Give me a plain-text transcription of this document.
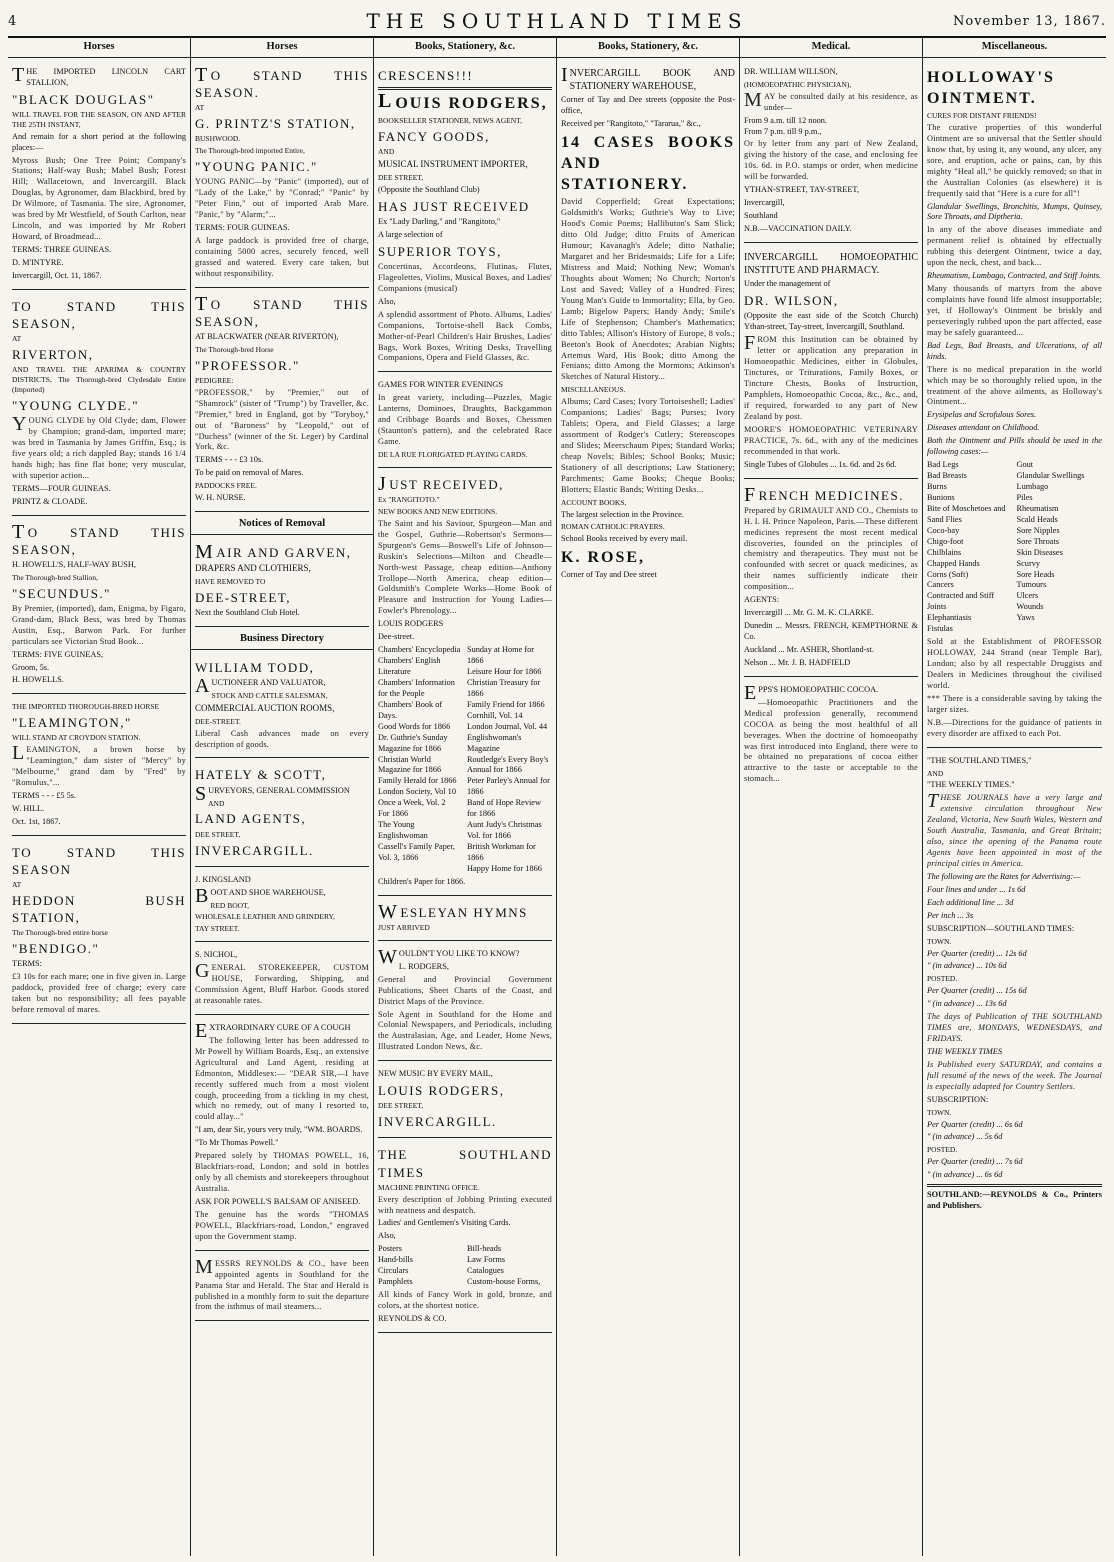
4	THE SOUTHLAND TIMES	November 13, 1867.
Horses

THE IMPORTED LINCOLN CART STALLION,

"BLACK DOUGLAS"

WILL TRAVEL FOR THE SEASON, ON AND AFTER THE 25TH INSTANT,

And remain for a short period at the following places:—

Myross Bush; One Tree Point; Company's Stations; Half-way Bush; Mabel Bush; Forest Hill; Wallacetown, and Invercargill. Black Douglas, by Agronomer, dam Blackbird, bred by Dr Wilmore, of Tasmania. The sire, Agronomer, was bred by Mr Westfield, of South Carlton, near Lincoln, and was imported by Mr Robert Howard, of Broadmead...

TERMS: THREE GUINEAS.

D. M'INTYRE.

Invercargill, Oct. 11, 1867.

TO STAND THIS SEASON,

AT

RIVERTON,

AND TRAVEL THE APARIMA & COUNTRY DISTRICTS, The Thorough-bred Clydesdale Entire (Imported)

"YOUNG CLYDE."

YOUNG CLYDE by Old Clyde; dam, Flower by Champion; grand-dam, imported mare; was bred in Tasmania by James Griffin, Esq.; is five years old; a rich dappled Bay; stands 16 1/4 hands high; has fine flat bone; very muscular, with superior action...

TERMS—FOUR GUINEAS.

PRINTZ & CLOADE.

TO STAND THIS SEASON,

H. HOWELL'S, HALF-WAY BUSH,

The Thorough-bred Stallion,

"SECUNDUS."

By Premier, (imported), dam, Enigma, by Figaro, Grand-dam, Black Bess, was bred by Thomas Austin, Esq., Barwon Park. For further particulars see Victorian Stud Book...

TERMS: FIVE GUINEAS,

Groom, 5s.

H. HOWELLS.

THE IMPORTED THOROUGH-BRED HORSE

"LEAMINGTON,"

WILL STAND AT CROYDON STATION.

LEAMINGTON, a brown horse by "Leamington," dam sister of "Mercy" by "Melbourne," grand dam by "Fred" by "Romulus,"...

TERMS - - - £5 5s.

W. HILL.

Oct. 1st, 1867.

TO STAND THIS SEASON

AT

HEDDON BUSH STATION,

The Thorough-bred entire horse

"BENDIGO."

TERMS:

£3 10s for each mare; one in five given in. Large paddock, provided free of charge; every care taken but no responsibility; all fees payable before removal of mares.

Horses

TO STAND THIS SEASON.

AT

G. PRINTZ'S STATION,

BUSHWOOD.

The Thorough-bred imported Entire,

"YOUNG PANIC."

YOUNG PANIC—by "Panic" (imported), out of "Lady of the Lake," by "Conrad;" "Panic" by "Peter Finn," out of imported Arab Mare. "Panic," by "Alarm;"...

TERMS: FOUR GUINEAS.

A large paddock is provided free of charge, containing 5000 acres, securely fenced, well grassed and watered. Every care taken, but without responsibility.

TO STAND THIS SEASON,

AT BLACKWATER (NEAR RIVERTON),

The Thorough-bred Horse

"PROFESSOR."

PEDIGREE:

"PROFESSOR," by "Premier," out of "Shamrock" (sister of "Trump") by Traveller, &c. "Premier," bred in England, got by "Toryboy," out of "Baroness" by "Leopold," out of "Duchess" (winner of the St. Leger) by Cardinal York, &c.

TERMS - - - £3 10s.

To be paid on removal of Mares.

PADDOCKS FREE.

W. H. NURSE.

Notices of Removal

MAIR AND GARVEN,

DRAPERS AND CLOTHIERS,

HAVE REMOVED TO

DEE-STREET,

Next the Southland Club Hotel.

Business Directory

WILLIAM TODD,

AUCTIONEER AND VALUATOR,

STOCK AND CATTLE SALESMAN,

COMMERCIAL AUCTION ROOMS,

DEE-STREET.

Liberal Cash advances made on every description of goods.

HATELY & SCOTT,

SURVEYORS, GENERAL COMMISSION

AND

LAND AGENTS,

DEE STREET,

INVERCARGILL.

J. KINGSLAND

BOOT AND SHOE WAREHOUSE,

RED BOOT,

WHOLESALE LEATHER AND GRINDERY,

TAY STREET.

S. NICHOL,

GENERAL STOREKEEPER, CUSTOM HOUSE, Forwarding, Shipping, and Commission Agent, Bluff Harbor. Goods stored at reasonable rates.

EXTRAORDINARY CURE OF A COUGH

The following letter has been addressed to Mr Powell by William Boards, Esq., an extensive Agricultural and Land Agent, residing at Edmonton, Middlesex:— "DEAR SIR,—I have recently suffered much from a most violent cough, proceeding from a tickling in my chest, which no remedy, out of many I resorted to, could allay..."

"I am, dear Sir, yours very truly, "WM. BOARDS.

"To Mr Thomas Powell."

Prepared solely by THOMAS POWELL, 16, Blackfriars-road, London; and sold in bottles only by all chemists and storekeepers throughout Australia.

ASK FOR POWELL'S BALSAM OF ANISEED.

The genuine has the words "THOMAS POWELL, Blackfriars-road, London," engraved upon the Government stamp.

MESSRS REYNOLDS & CO., have been appointed agents in Southland for the Panama Star and Herald. The Star and Herald is published in a monthly form to suit the departure from the isthmus of mail steamers...

Books, Stationery, &c.

CRESCENS!!!

LOUIS RODGERS,

BOOKSELLER STATIONER, NEWS AGENT,

FANCY GOODS,

AND

MUSICAL INSTRUMENT IMPORTER,

DEE STREET,

(Opposite the Southland Club)

HAS JUST RECEIVED

Ex "Lady Darling," and "Rangitoto,"

A large selection of

SUPERIOR TOYS,

Concertinas, Accordeons, Flutinas, Flutes, Flageolettes, Violins, Musical Boxes, and Ladies' Companions (musical)

Also,

A splendid assortment of Photo. Albums, Ladies' Companions, Tortoise-shell Back Combs, Mother-of-Pearl Children's Hair Brushes, Ladies' Bags, Work Boxes, Writing Desks, Travelling Companions, Opera and Field Glasses, &c.

GAMES FOR WINTER EVENINGS

In great variety, including—Puzzles, Magic Lanterns, Dominoes, Draughts, Backgammon and Cribbage Boards and Boxes, Chessmen (Staunton's pattern), and the celebrated Race Game.

DE LA RUE FLORIGATED PLAYING CARDS.

JUST RECEIVED,

Ex "RANGITOTO."

NEW BOOKS AND NEW EDITIONS.

The Saint and his Saviour, Spurgeon—Man and the Gospel, Guthrie—Robertson's Sermons—Spurgeon's Gems—Boswell's Life of Johnson—Ruskin's Selections—Milton and Cheadle—North-west Passage, cheap edition—Anthony Trollope—North America, cheap edition—Goldsmith's Complete Works—Home Book of Pleasure and Instruction for Young Ladies—Fowler's Phrenology...

LOUIS RODGERS

Dee-street.

Chambers' Encyclopedia
Chambers' English Literature
Chambers' Information for the People
Chambers' Book of Days.
Good Words for 1866
Dr. Guthrie's Sunday Magazine for 1866
Christian World Magazine for 1866
Family Herald for 1866
London Society, Vol 10
Once a Week, Vol. 2
For 1866
The Young Englishwoman
Cassell's Family Paper, Vol. 3, 1866
Sunday at Home for 1866
Leisure Hour for 1866
Christian Treasury for 1866
Family Friend for 1866
Cornhill, Vol. 14
London Journal, Vol. 44
Englishwoman's Magazine
Routledge's Every Boy's Annual for 1866
Peter Parley's Annual for 1866
Band of Hope Review for 1866
Aunt Judy's Christmas Vol. for 1866
British Workman for 1866
Happy Home for 1866

Children's Paper for 1866.

WESLEYAN HYMNS

JUST ARRIVED

WOULDN'T YOU LIKE TO KNOW?

L. RODGERS,

General and Provincial Government Publications, Sheet Charts of the Coast, and District Maps of the Province.

Sole Agent in Southland for the Home and Colonial Newspapers, and Periodicals, including the Australasian, Age, and Leader, Home News, Illustrated London News, &c.

NEW MUSIC BY EVERY MAIL,

LOUIS RODGERS,

DEE STREET,

INVERCARGILL.

THE SOUTHLAND TIMES

MACHINE PRINTING OFFICE.

Every description of Jobbing Printing executed with neatness and despatch.

Ladies' and Gentlemen's Visiting Cards.

Also,

Posters
Hand-bills
Circulars
Pamphlets
Bill-heads
Law Forms
Catalogues
Custom-house Forms,

All kinds of Fancy Work in gold, bronze, and colors, at the shortest notice.

REYNOLDS & CO.

Books, Stationery, &c.

INVERCARGILL BOOK AND STATIONERY WAREHOUSE,

Corner of Tay and Dee streets (opposite the Post-office,

Received per "Rangitoto," "Tararua," &c.,

14 CASES BOOKS AND STATIONERY.

David Copperfield; Great Expectations; Goldsmith's Works; Guthrie's Way to Live; Hood's Comic Poems; Hallibuton's Sam Slick; ditto Old Judge; ditto Fruits of American Humour; Kavanagh's Adele; ditto Nathalie; Margaret and her Bridesmaids; Life for a Life; Mistress and Maid; Nothing New; Woman's Thoughts about Women; No Church; Norton's Lost and Saved; Valley of a Hundred Fires; Young Man's Guide to Immortality; Ella, by Geo. Lamb; Bigelow Papers; Handy Andy; Smile's Life of Stephenson; Chamber's Mathematics; ditto Tables; Allison's History of Europe, 8 vols.; Beeton's Book of Anecdotes; Arabian Nights; Artemus Ward, His Book; ditto Among the Fenians; ditto Among the Mormons; Atkinson's Sketches of Natural History...

MISCELLANEOUS.

Albums; Card Cases; Ivory Tortoiseshell; Ladies' Companions; Ladies' Bags; Purses; Ivory Tablets; Opera, and Field Glasses; a large assortment of Rodger's Cutlery; Stereoscopes and Slides; Meerschaum Pipes; Standard Works; cheap Novels; Bibles; School Books; Music; Stationery of all descriptions; Law Stationery; Parchments; Game Books; Cheque Books; Blotters; Elastic Bands; Writing Desks...

ACCOUNT BOOKS,

The largest selection in the Province.

ROMAN CATHOLIC PRAYERS.

School Books received by every mail.

K. ROSE,

Corner of Tay and Dee street

Medical.

DR. WILLIAM WILLSON,

(HOMOEOPATHIC PHYSICIAN),

MAY be consulted daily at his residence, as under—

From 9 a.m. till 12 noon.
From 7 p.m. till 9 p.m.,

Or by letter from any part of New Zealand, giving the history of the case, and enclosing fee 10s. 6d. in P.O. stamps or order, when medicine will be forwarded.

YTHAN-STREET, TAY-STREET,

Invercargill,

Southland

N.B.—VACCINATION DAILY.

INVERCARGILL HOMOEOPATHIC INSTITUTE AND PHARMACY.

Under the management of

DR. WILSON,

(Opposite the east side of the Scotch Church) Ythan-street, Tay-street, Invercargill, Southland.

FROM this Institution can be obtained by letter or application any preparation in Homoeopathic Medicines, either in Globules, Tinctures, or Triturations, Family Boxes, or Tincture Chests, Books of Instruction, Pamphlets, Homoeopathic Cocoa, &c., &c., and, if required, forwarded to any part of New Zealand by post.

MOORE'S HOMOEOPATHIC VETERINARY PRACTICE, 7s. 6d., with any of the medicines recommended in that work.

Single Tubes of Globules ... 1s. 6d. and 2s 6d.

FRENCH MEDICINES.

Prepared by GRIMAULT AND CO., Chemists to H. I. H. Prince Napoleon, Paris.—These different medicines represent the most recent medical discoveries, founded on the principles of chemistry and therapeutics. They must not be confounded with secret or quack medicines, as their names sufficiently indicate their composition...

AGENTS:

Invercargill ... Mr. G. M. K. CLARKE.

Dunedin ... Messrs. FRENCH, KEMPTHORNE & Co.

Auckland ... Mr. ASHER, Shortland-st.

Nelson ... Mr. J. B. HADFIELD

EPPS'S HOMOEOPATHIC COCOA.

—Homoeopathic Practitioners and the Medical profession generally, recommend COCOA as being the most healthful of all beverages. When the doctrine of homoeopathy was first introduced into England, there were to be obtained no preparations of cocoa either attractive to the taste or acceptable to the stomach...

Miscellaneous.

HOLLOWAY'S OINTMENT.

CURES FOR DISTANT FRIENDS!

The curative properties of this wonderful Ointment are so universal that the Settler should know that, by using it, any wound, any ulcer, any sore, and eruption, ache or pains, can, by this mighty "Heal all," be quickly removed; so that in the Australian Colonies (as elsewhere) it is frequently said that "Here is a cure for all"!

Glandular Swellings, Bronchitis, Mumps, Quinsey, Sore Throats, and Diptheria.

In any of the above diseases immediate and permanent relief is obtained by effectually rubbing this detergent Ointment, twice a day, upon the neck, chest, and back...

Rheumatism, Lumbago, Contracted, and Stiff Joints.

Many thousands of martyrs from the above complaints have found life almost insupportable; yet, if Holloway's Ointment be briskly and perseveringly rubbed upon the part affected, ease may be safely guaranteed...

Bad Legs, Bad Breasts, and Ulcerations, of all kinds.

There is no medical preparation in the world which may be so thoroughly relied upon, in the treatment of the above ailments, as Holloway's Ointment...

Erysipelas and Scrofulous Sores.

Diseases attendant on Childhood.

Both the Ointment and Pills should be used in the following cases:—

Bad Legs
Bad Breasts
Burns
Bunions
Bite of Moschetoes and Sand Flies
Coco-bay
Chigo-foot
Chilblains
Chapped Hands
Corns (Soft)
Cancers
Contracted and Stiff Joints
Elephantiasis
Fistulas
Gout
Glandular Swellings
Lumbago
Piles
Rheumatism
Scald Heads
Sore Nipples
Sore Throats
Skin Diseases
Scurvy
Sore Heads
Tumours
Ulcers
Wounds
Yaws

Sold at the Establishment of PROFESSOR HOLLOWAY, 244 Strand (near Temple Bar), London; also by all respectable Druggists and Dealers in Medicines throughout the civilised world.

*** There is a considerable saving by taking the larger sizes.

N.B.—Directions for the guidance of patients in every disorder are affixed to each Pot.

"THE SOUTHLAND TIMES,"

AND

"THE WEEKLY TIMES."

THESE JOURNALS have a very large and extensive circulation throughout New Zealand, Victoria, New South Wales, Western and South Australia, Tasmania, and Great Britain; also, since the opening of the Panama route Agents have been appointed in most of the principal cities in America.

The following are the Rates for Advertising:—

Four lines and under ... 1s 6d

Each additional line ... 3d

Per inch ... 3s

SUBSCRIPTION—SOUTHLAND TIMES:

TOWN.

Per Quarter (credit) ... 12s 6d

" (in advance) ... 10s 6d

POSTED.

Per Quarter (credit) ... 15s 6d

" (in advance) ... 13s 6d

The days of Publication of THE SOUTHLAND TIMES are, MONDAYS, WEDNESDAYS, and FRIDAYS.

THE WEEKLY TIMES

Is Published every SATURDAY, and contains a full resumé of the news of the week. The Journal is especially adapted for Country Settlers.

SUBSCRIPTION:

TOWN.

Per Quarter (credit) ... 6s 6d

" (in advance) ... 5s 6d

POSTED.

Per Quarter (credit) ... 7s 6d

" (in advance) ... 6s 6d

SOUTHLAND:—REYNOLDS & Co., Printers and Publishers.
